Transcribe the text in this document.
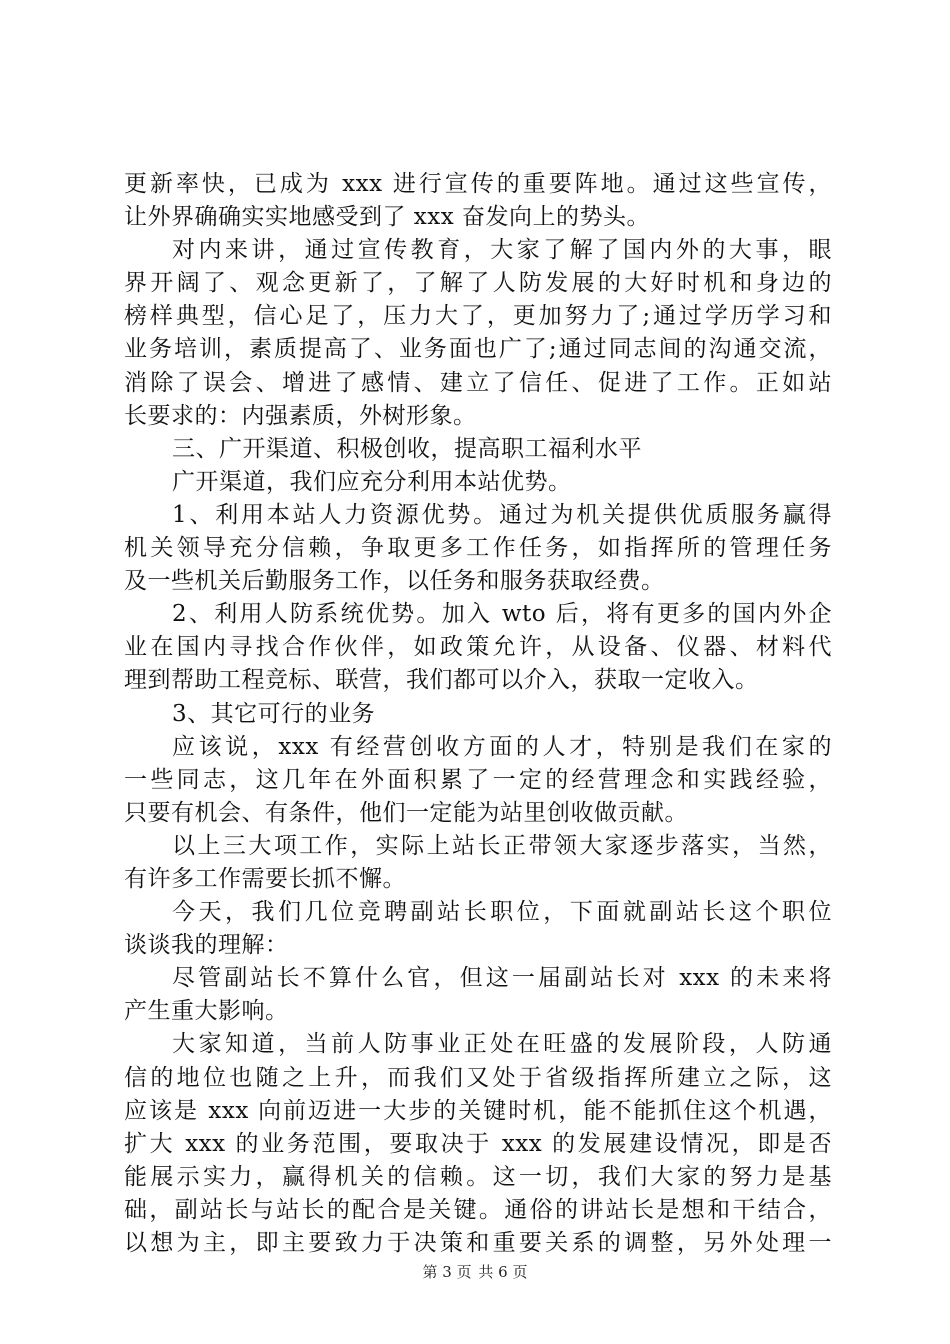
更新率快，已成为 xxx 进行宣传的重要阵地。通过这些宣传，
让外界确确实实地感受到了 xxx 奋发向上的势头。
对内来讲，通过宣传教育，大家了解了国内外的大事，眼
界开阔了、观念更新了，了解了人防发展的大好时机和身边的
榜样典型，信心足了，压力大了，更加努力了;通过学历学习和
业务培训，素质提高了、业务面也广了;通过同志间的沟通交流，
消除了误会、增进了感情、建立了信任、促进了工作。正如站
长要求的：内强素质，外树形象。
三、广开渠道、积极创收，提高职工福利水平
广开渠道，我们应充分利用本站优势。
1、利用本站人力资源优势。通过为机关提供优质服务赢得
机关领导充分信赖，争取更多工作任务，如指挥所的管理任务
及一些机关后勤服务工作，以任务和服务获取经费。
2、利用人防系统优势。加入 wto 后，将有更多的国内外企
业在国内寻找合作伙伴，如政策允许，从设备、仪器、材料代
理到帮助工程竞标、联营，我们都可以介入，获取一定收入。
3、其它可行的业务
应该说，xxx 有经营创收方面的人才，特别是我们在家的
一些同志，这几年在外面积累了一定的经营理念和实践经验，
只要有机会、有条件，他们一定能为站里创收做贡献。
以上三大项工作，实际上站长正带领大家逐步落实，当然，
有许多工作需要长抓不懈。
今天，我们几位竞聘副站长职位，下面就副站长这个职位
谈谈我的理解：
尽管副站长不算什么官，但这一届副站长对 xxx 的未来将
产生重大影响。
大家知道，当前人防事业正处在旺盛的发展阶段，人防通
信的地位也随之上升，而我们又处于省级指挥所建立之际，这
应该是 xxx 向前迈进一大步的关键时机，能不能抓住这个机遇，
扩大 xxx 的业务范围，要取决于 xxx 的发展建设情况，即是否
能展示实力，赢得机关的信赖。这一切，我们大家的努力是基
础，副站长与站长的配合是关键。通俗的讲站长是想和干结合，
以想为主，即主要致力于决策和重要关系的调整，另外处理一
第 3 页 共 6 页
